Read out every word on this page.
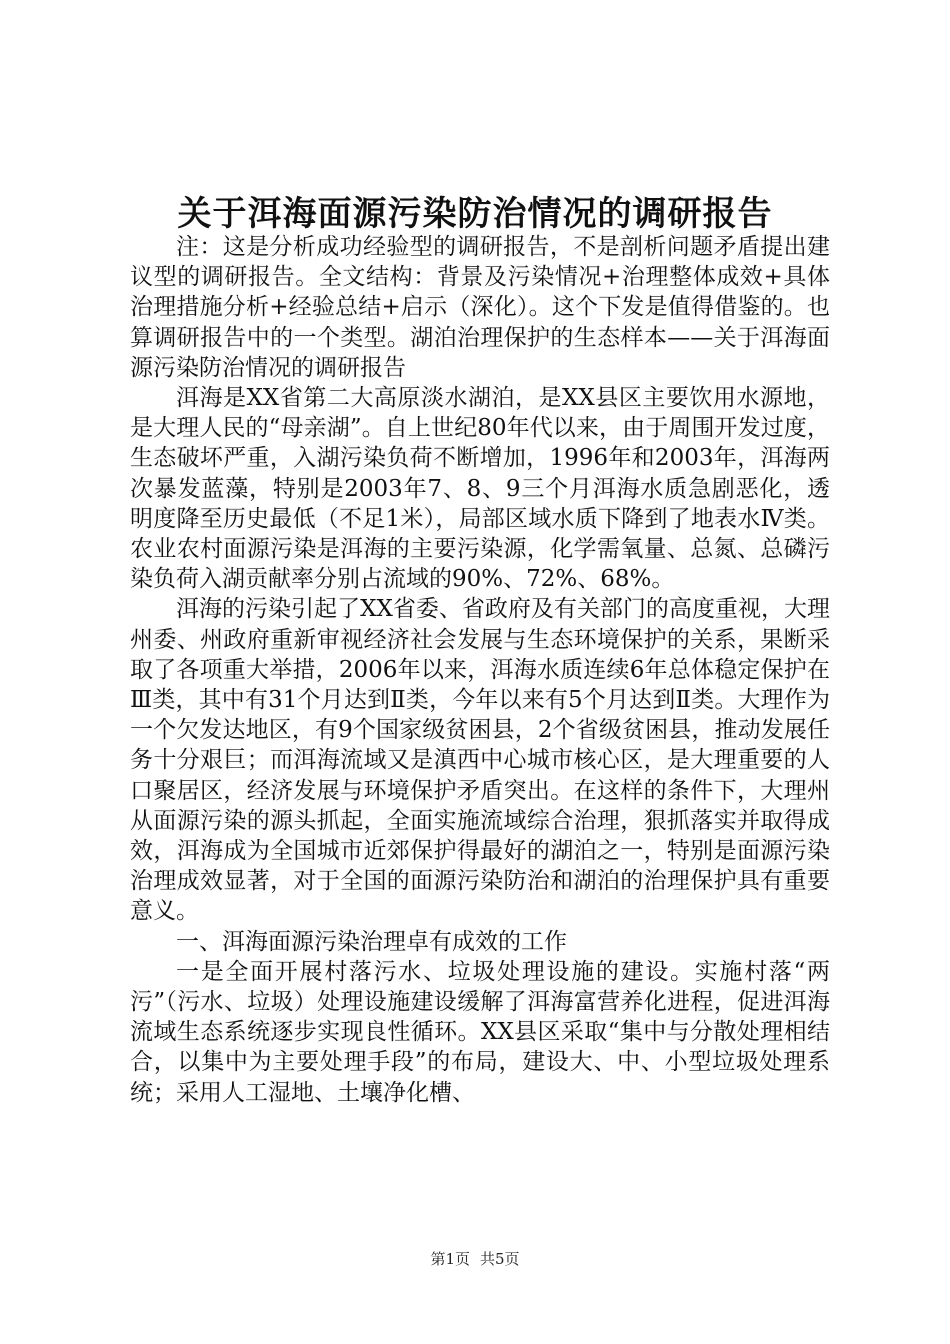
关于洱海面源污染防治情况的调研报告

注：这是分析成功经验型的调研报告，不是剖析问题矛盾提出建议型的调研报告。全文结构：背景及污染情况+治理整体成效+具体治理措施分析+经验总结+启示（深化）。这个下发是值得借鉴的。也算调研报告中的一个类型。湖泊治理保护的生态样本——关于洱海面源污染防治情况的调研报告

洱海是XX省第二大高原淡水湖泊，是XX县区主要饮用水源地，是大理人民的“母亲湖”。自上世纪80年代以来，由于周围开发过度，生态破坏严重，入湖污染负荷不断增加，1996年和2003年，洱海两次暴发蓝藻，特别是2003年7、8、9三个月洱海水质急剧恶化，透明度降至历史最低（不足1米），局部区域水质下降到了地表水Ⅳ类。农业农村面源污染是洱海的主要污染源，化学需氧量、总氮、总磷污染负荷入湖贡献率分别占流域的90%、72%、68%。

洱海的污染引起了XX省委、省政府及有关部门的高度重视，大理州委、州政府重新审视经济社会发展与生态环境保护的关系，果断采取了各项重大举措，2006年以来，洱海水质连续6年总体稳定保护在Ⅲ类，其中有31个月达到Ⅱ类，今年以来有5个月达到Ⅱ类。大理作为一个欠发达地区，有9个国家级贫困县，2个省级贫困县，推动发展任务十分艰巨；而洱海流域又是滇西中心城市核心区，是大理重要的人口聚居区，经济发展与环境保护矛盾突出。在这样的条件下，大理州从面源污染的源头抓起，全面实施流域综合治理，狠抓落实并取得成效，洱海成为全国城市近郊保护得最好的湖泊之一，特别是面源污染治理成效显著，对于全国的面源污染防治和湖泊的治理保护具有重要意义。

一、洱海面源污染治理卓有成效的工作

一是全面开展村落污水、垃圾处理设施的建设。实施村落“两污”（污水、垃圾）处理设施建设缓解了洱海富营养化进程，促进洱海流域生态系统逐步实现良性循环。XX县区采取“集中与分散处理相结合，以集中为主要处理手段”的布局，建设大、中、小型垃圾处理系统；采用人工湿地、土壤净化槽、

第1页 共5页
